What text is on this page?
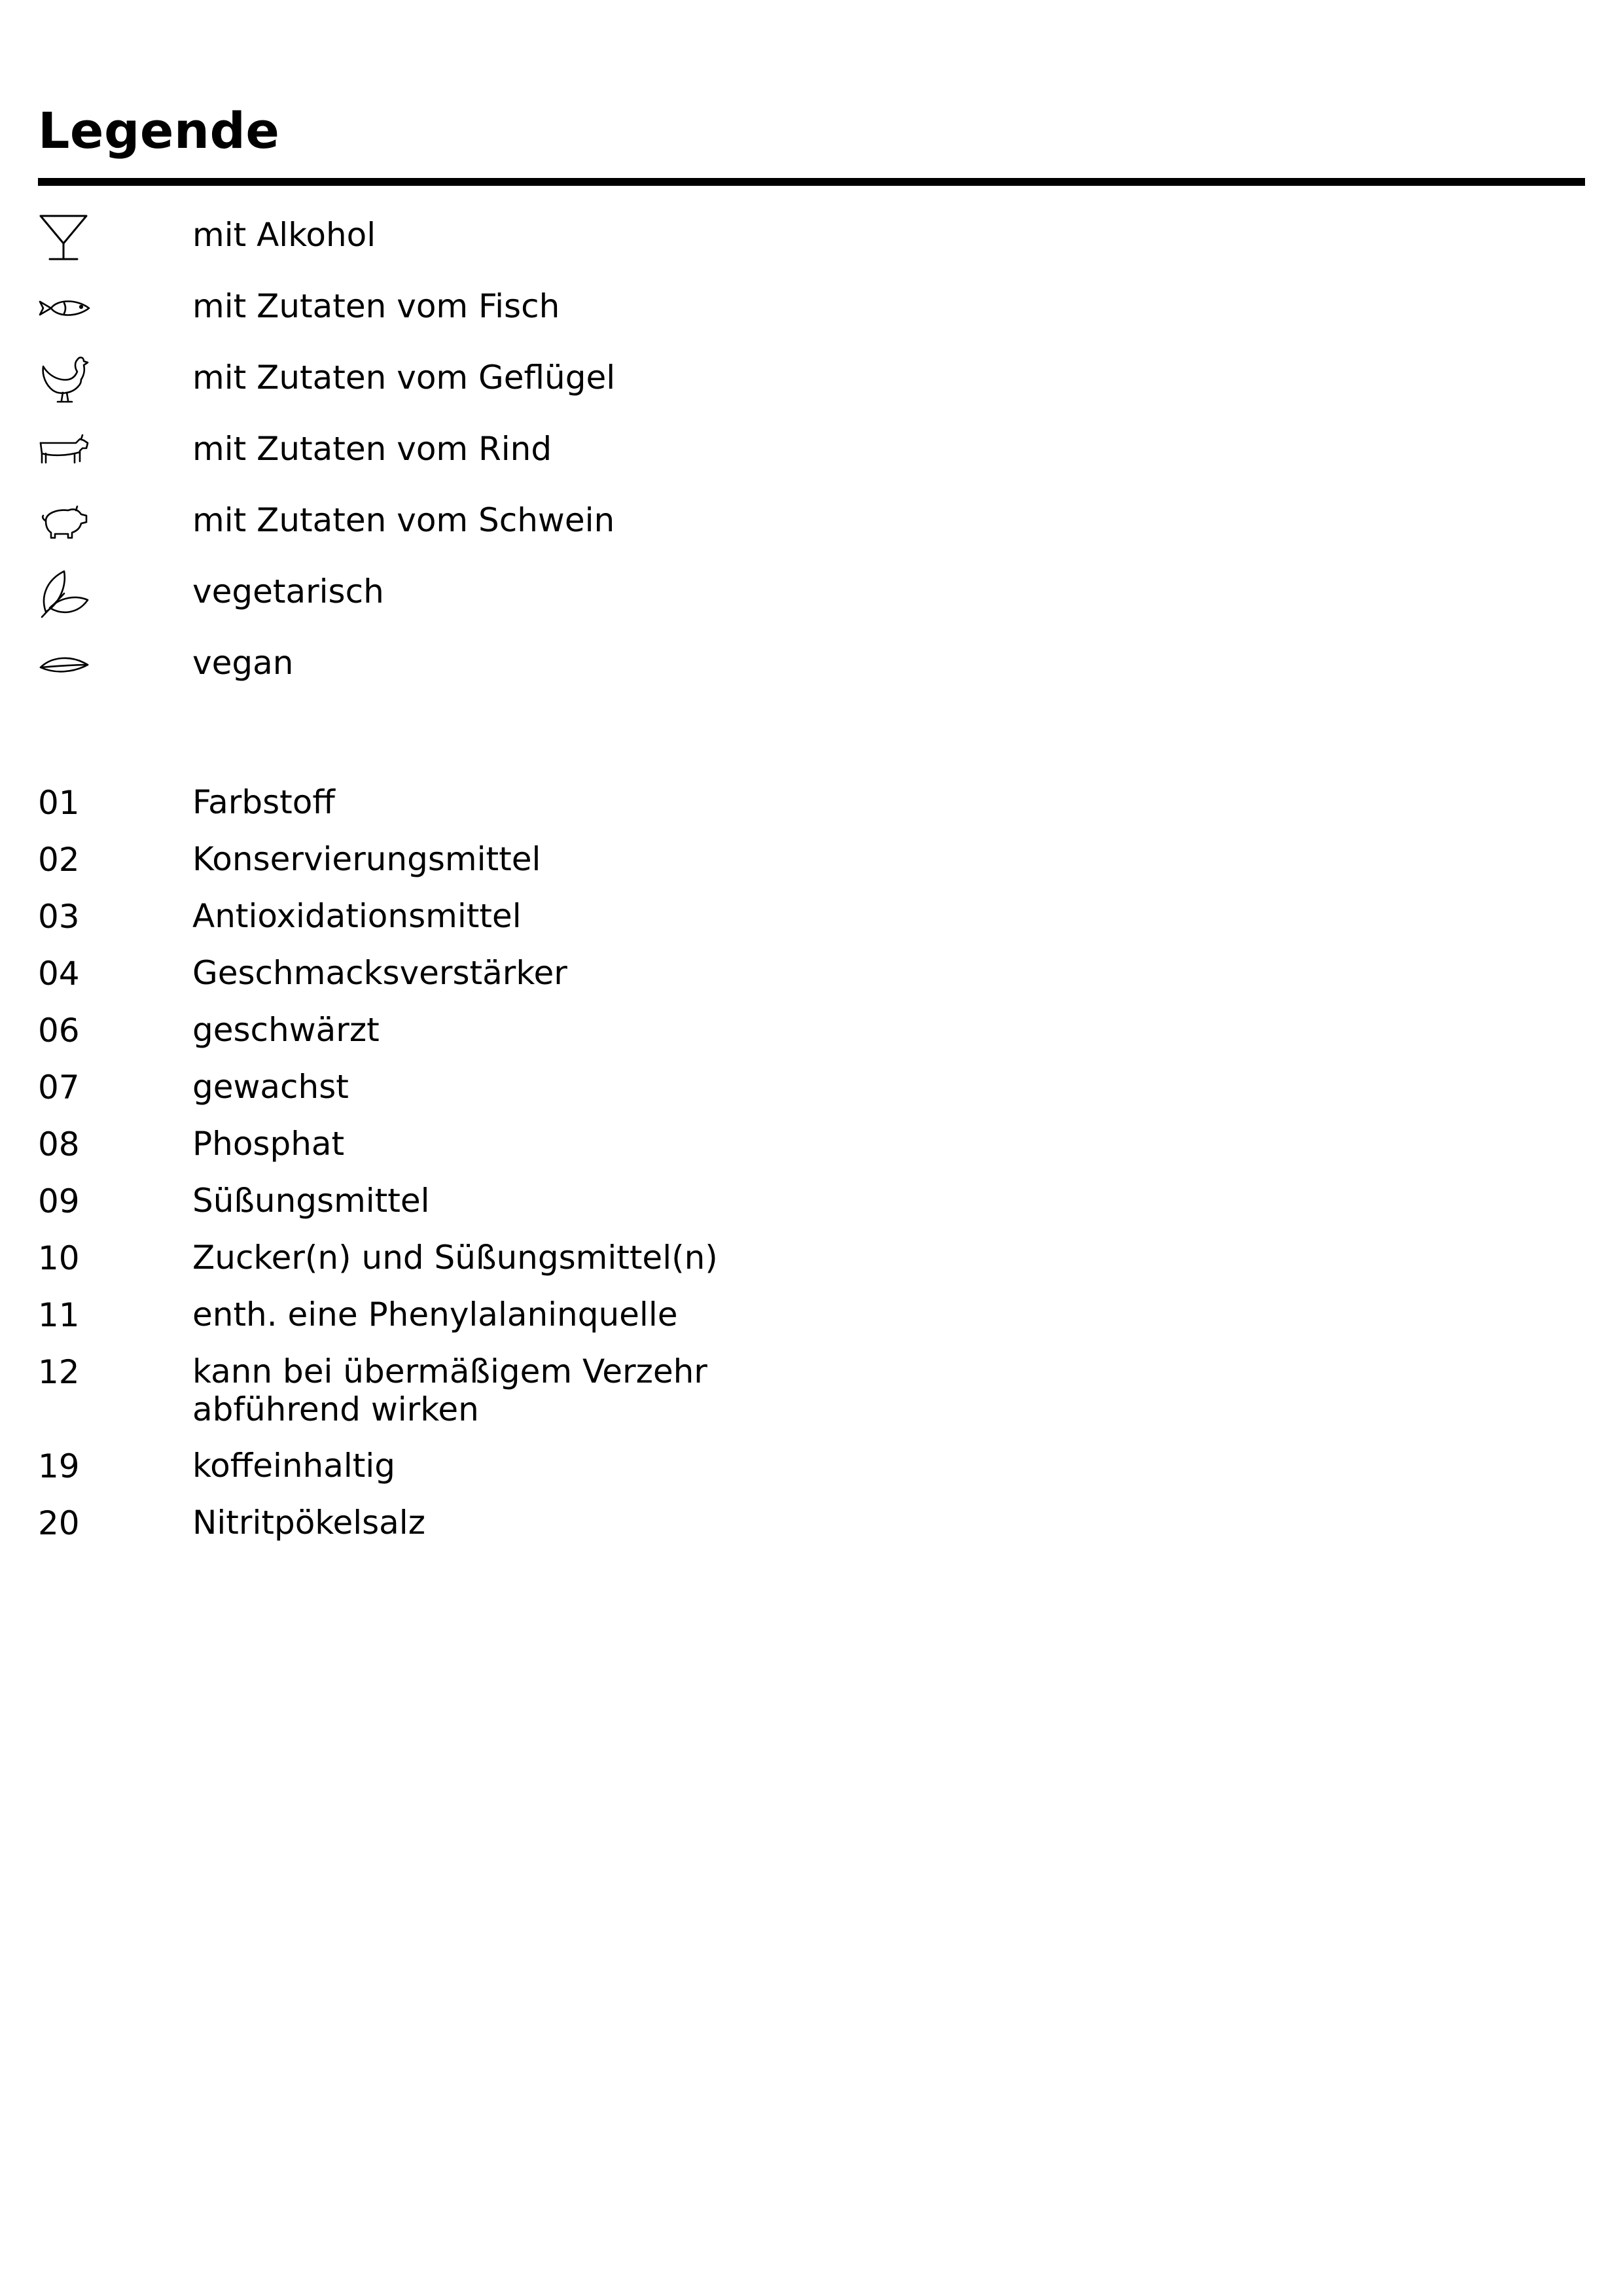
Legende
mit Alkohol
mit Zutaten vom Fisch
mit Zutaten vom Geflügel
mit Zutaten vom Rind
mit Zutaten vom Schwein
vegetarisch
vegan
01	Farbstoff
02	Konservierungsmittel
03	Antioxidationsmittel
04	Geschmacksverstärker
06	geschwärzt
07	gewachst
08	Phosphat
09	Süßungsmittel
10	Zucker(n) und Süßungsmittel(n)
11	enth. eine Phenylalaninquelle
12	kann bei übermäßigem Verzehr
abführend wirken
19	koffeinhaltig
20	Nitritpökelsalz
